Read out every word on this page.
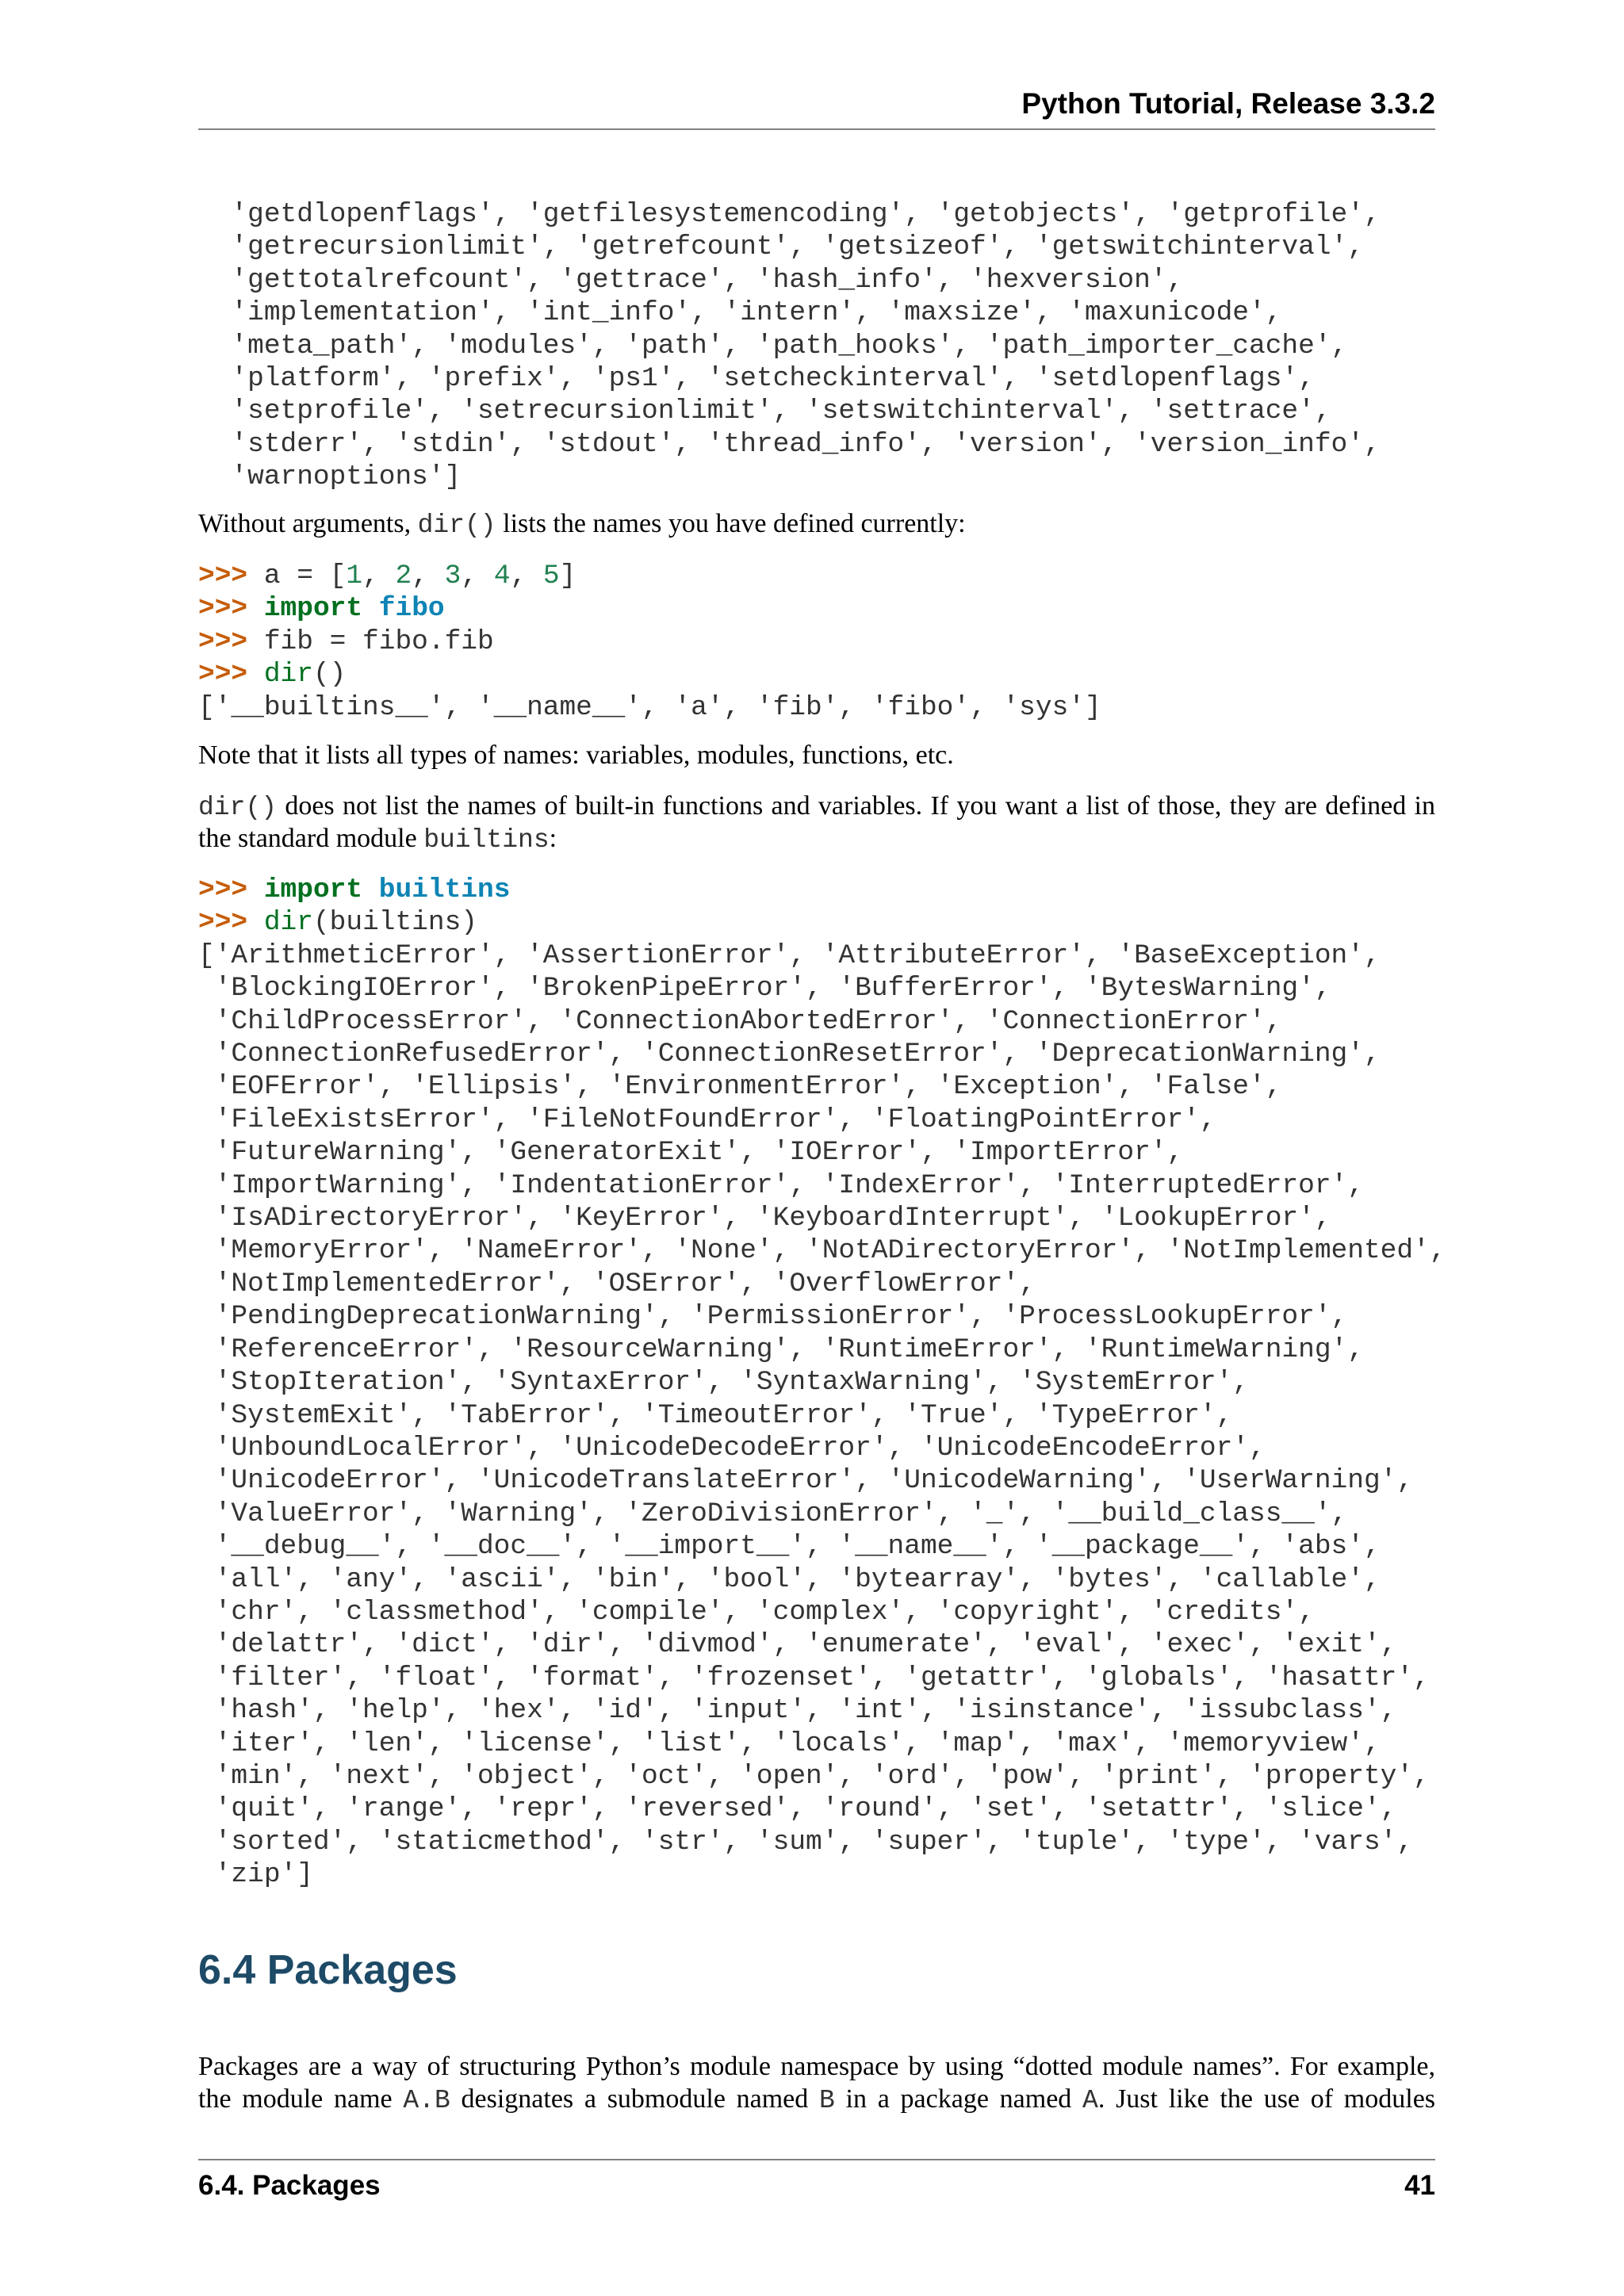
Python Tutorial, Release 3.3.2
'getdlopenflags', 'getfilesystemencoding', 'getobjects', 'getprofile',
'getrecursionlimit', 'getrefcount', 'getsizeof', 'getswitchinterval',
'gettotalrefcount', 'gettrace', 'hash_info', 'hexversion',
'implementation', 'int_info', 'intern', 'maxsize', 'maxunicode',
'meta_path', 'modules', 'path', 'path_hooks', 'path_importer_cache',
'platform', 'prefix', 'ps1', 'setcheckinterval', 'setdlopenflags',
'setprofile', 'setrecursionlimit', 'setswitchinterval', 'settrace',
'stderr', 'stdin', 'stdout', 'thread_info', 'version', 'version_info',
'warnoptions']

Without arguments, dir() lists the names you have defined currently:

>>> a = [1, 2, 3, 4, 5]
>>> import fibo
>>> fib = fibo.fib
>>> dir()
['__builtins__', '__name__', 'a', 'fib', 'fibo', 'sys']

Note that it lists all types of names: variables, modules, functions, etc.

dir() does not list the names of built-in functions and variables. If you want a list of those, they are defined in

the standard module builtins:

>>> import builtins
>>> dir(builtins)
['ArithmeticError', 'AssertionError', 'AttributeError', 'BaseException',
'BlockingIOError', 'BrokenPipeError', 'BufferError', 'BytesWarning',
'ChildProcessError', 'ConnectionAbortedError', 'ConnectionError',
'ConnectionRefusedError', 'ConnectionResetError', 'DeprecationWarning',
'EOFError', 'Ellipsis', 'EnvironmentError', 'Exception', 'False',
'FileExistsError', 'FileNotFoundError', 'FloatingPointError',
'FutureWarning', 'GeneratorExit', 'IOError', 'ImportError',
'ImportWarning', 'IndentationError', 'IndexError', 'InterruptedError',
'IsADirectoryError', 'KeyError', 'KeyboardInterrupt', 'LookupError',
'MemoryError', 'NameError', 'None', 'NotADirectoryError', 'NotImplemented',
'NotImplementedError', 'OSError', 'OverflowError',
'PendingDeprecationWarning', 'PermissionError', 'ProcessLookupError',
'ReferenceError', 'ResourceWarning', 'RuntimeError', 'RuntimeWarning',
'StopIteration', 'SyntaxError', 'SyntaxWarning', 'SystemError',
'SystemExit', 'TabError', 'TimeoutError', 'True', 'TypeError',
'UnboundLocalError', 'UnicodeDecodeError', 'UnicodeEncodeError',
'UnicodeError', 'UnicodeTranslateError', 'UnicodeWarning', 'UserWarning',
'ValueError', 'Warning', 'ZeroDivisionError', '_', '__build_class__',
'__debug__', '__doc__', '__import__', '__name__', '__package__', 'abs',
'all', 'any', 'ascii', 'bin', 'bool', 'bytearray', 'bytes', 'callable',
'chr', 'classmethod', 'compile', 'complex', 'copyright', 'credits',
'delattr', 'dict', 'dir', 'divmod', 'enumerate', 'eval', 'exec', 'exit',
'filter', 'float', 'format', 'frozenset', 'getattr', 'globals', 'hasattr',
'hash', 'help', 'hex', 'id', 'input', 'int', 'isinstance', 'issubclass',
'iter', 'len', 'license', 'list', 'locals', 'map', 'max', 'memoryview',
'min', 'next', 'object', 'oct', 'open', 'ord', 'pow', 'print', 'property',
'quit', 'range', 'repr', 'reversed', 'round', 'set', 'setattr', 'slice',
'sorted', 'staticmethod', 'str', 'sum', 'super', 'tuple', 'type', 'vars',
'zip']
6.4 Packages

Packages are a way of structuring Python’s module namespace by using “dotted module names”. For example,

the module name A.B designates a submodule named B in a package named A. Just like the use of modules

6.4. Packages	41
